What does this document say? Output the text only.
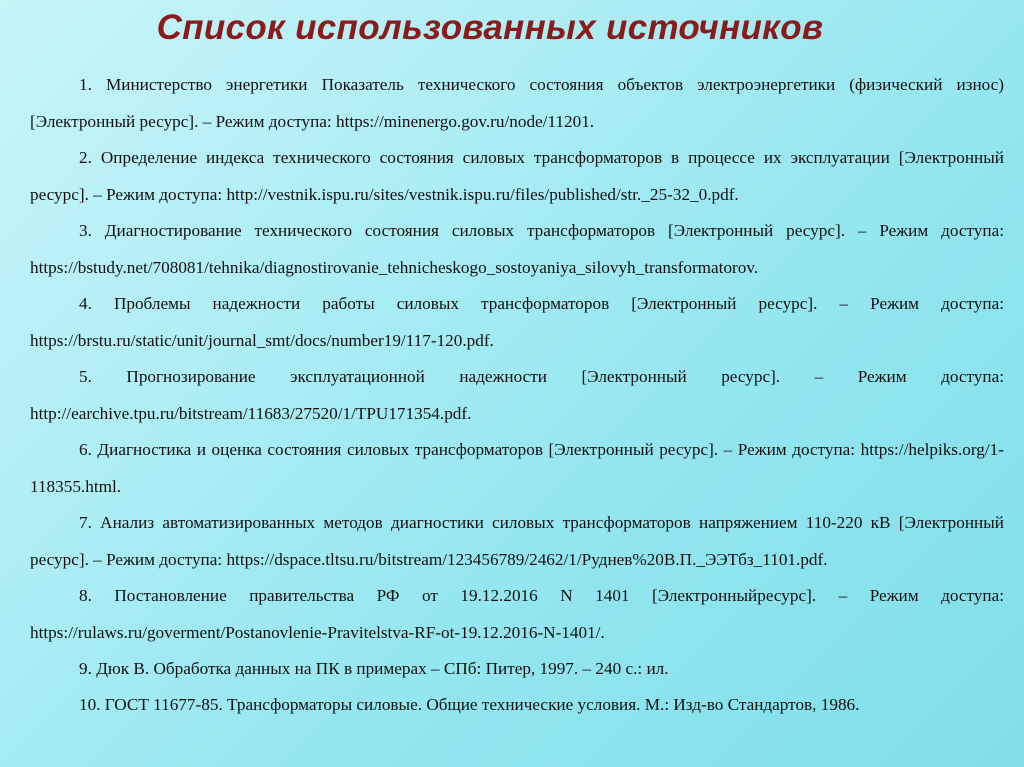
Список использованных источников

1. Министерство энергетики Показатель технического состояния объектов электроэнергетики (физический износ) [Электронный ресурс]. – Режим доступа: https://minenergo.gov.ru/node/11201.

2. Определение индекса технического состояния силовых трансформаторов в процессе их эксплуатации [Электронный ресурс]. – Режим доступа: http://vestnik.ispu.ru/sites/vestnik.ispu.ru/files/published/str._25-32_0.pdf.

3. Диагностирование технического состояния силовых трансформаторов [Электронный ресурс]. – Режим доступа: https://bstudy.net/708081/tehnika/diagnostirovanie_tehnicheskogo_sostoyaniya_silovyh_transformatorov.

4. Проблемы надежности работы силовых трансформаторов [Электронный ресурс]. – Режим доступа: https://brstu.ru/static/unit/journal_smt/docs/number19/117-120.pdf.

5. Прогнозирование эксплуатационной надежности [Электронный ресурс]. – Режим доступа: http://earchive.tpu.ru/bitstream/11683/27520/1/TPU171354.pdf.

6. Диагностика и оценка состояния силовых трансформаторов [Электронный ресурс]. – Режим доступа: https://helpiks.org/1-118355.html.

7. Анализ автоматизированных методов диагностики силовых трансформаторов напряжением 110-220 кВ [Электронный ресурс]. – Режим доступа: https://dspace.tltsu.ru/bitstream/123456789/2462/1/Руднев%20В.П._ЭЭТбз_1101.pdf.

8. Постановление правительства РФ от 19.12.2016 N 1401 [Электронныйресурс]. – Режим доступа: https://rulaws.ru/goverment/Postanovlenie-Pravitelstva-RF-ot-19.12.2016-N-1401/.

9. Дюк В. Обработка данных на ПК в примерах – СПб: Питер, 1997. – 240 с.: ил.

10. ГОСТ 11677-85. Трансформаторы силовые. Общие технические условия. М.: Изд-во Стандартов, 1986.
